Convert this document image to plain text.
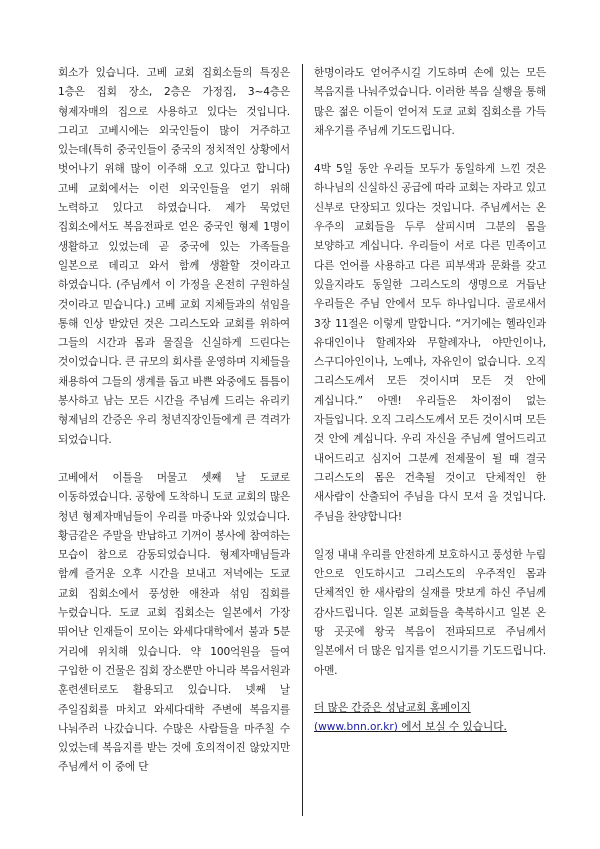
회소가 있습니다. 고베 교회 집회소들의 특징은 1층은 집회 장소, 2층은 가정집, 3~4층은 형제자매의 집으로 사용하고 있다는 것입니다. 그리고 고베시에는 외국인들이 많이 거주하고 있는데(특히 중국인들이 중국의 정치적인 상황에서 벗어나기 위해 많이 이주해 오고 있다고 합니다) 고베 교회에서는 이런 외국인들을 얻기 위해 노력하고 있다고 하였습니다. 제가 묵었던 집회소에서도 복음전파로 얻은 중국인 형제 1명이 생활하고 있었는데 곧 중국에 있는 가족들을 일본으로 데리고 와서 함께 생활할 것이라고 하였습니다. (주님께서 이 가정을 온전히 구원하실 것이라고 믿습니다.) 고베 교회 지체들과의 섞임을 통해 인상 받았던 것은 그리스도와 교회를 위하여 그들의 시간과 몸과 물질을 신실하게 드린다는 것이었습니다. 큰 규모의 회사를 운영하며 지체들을 채용하여 그들의 생계를 돕고 바쁜 와중에도 틈틈이 봉사하고 남는 모든 시간을 주님께 드리는 유리키 형제님의 간증은 우리 청년직장인들에게 큰 격려가 되었습니다.

고베에서 이틀을 머물고 셋째 날 도쿄로 이동하였습니다. 공항에 도착하니 도쿄 교회의 많은 청년 형제자매님들이 우리를 마중나와 있었습니다. 황금같은 주말을 반납하고 기꺼이 봉사에 참여하는 모습이 참으로 감동되었습니다. 형제자매님들과 함께 즐거운 오후 시간을 보내고 저녁에는 도쿄 교회 집회소에서 풍성한 애찬과 섞임 집회를 누렸습니다. 도쿄 교회 집회소는 일본에서 가장 뛰어난 인재들이 모이는 와세다대학에서 불과 5분 거리에 위치해 있습니다. 약 100억원을 들여 구입한 이 건물은 집회 장소뿐만 아니라 복음서원과 훈련센터로도 활용되고 있습니다. 넷째 날 주일집회를 마치고 와세다대학 주변에 복음지를 나눠주러 나갔습니다. 수많은 사람들을 마주칠 수 있었는데 복음지를 받는 것에 호의적이진 않았지만 주님께서 이 중에 단

한명이라도 얻어주시길 기도하며 손에 있는 모든 복음지를 나눠주었습니다. 이러한 복음 실행을 통해 많은 젊은 이들이 얻어져 도쿄 교회 집회소를 가득 채우기를 주님께 기도드립니다.

4박 5일 동안 우리들 모두가 동일하게 느낀 것은 하나님의 신실하신 공급에 따라 교회는 자라고 있고 신부로 단장되고 있다는 것입니다. 주님께서는 온 우주의 교회들을 두루 살피시며 그분의 몸을 보양하고 계십니다. 우리들이 서로 다른 민족이고 다른 언어를 사용하고 다른 피부색과 문화를 갖고 있을지라도 동일한 그리스도의 생명으로 거듭난 우리들은 주님 안에서 모두 하나입니다. 골로새서 3장 11절은 이렇게 말합니다. “거기에는 헬라인과 유대인이나 할례자와 무할례자나, 야만인이나, 스구디아인이나, 노예나, 자유인이 없습니다. 오직 그리스도께서 모든 것이시며 모든 것 안에 계십니다.” 아멘! 우리들은 차이점이 없는 자들입니다. 오직 그리스도께서 모든 것이시며 모든 것 안에 계십니다. 우리 자신을 주님께 열어드리고 내어드리고 심지어 그분께 전제물이 될 때 결국 그리스도의 몸은 건축될 것이고 단체적인 한 새사람이 산출되어 주님을 다시 모셔 올 것입니다. 주님을 찬양합니다!

일정 내내 우리를 안전하게 보호하시고 풍성한 누림 안으로 인도하시고 그리스도의 우주적인 몸과 단체적인 한 새사람의 실재를 맛보게 하신 주님께 감사드립니다. 일본 교회들을 축복하시고 일본 온 땅 곳곳에 왕국 복음이 전파되므로 주님께서 일본에서 더 많은 입지를 얻으시기를 기도드립니다. 아멘.

더 많은 간증은 성남교회 홈페이지
(www.bnn.or.kr) 에서 보실 수 있습니다.
